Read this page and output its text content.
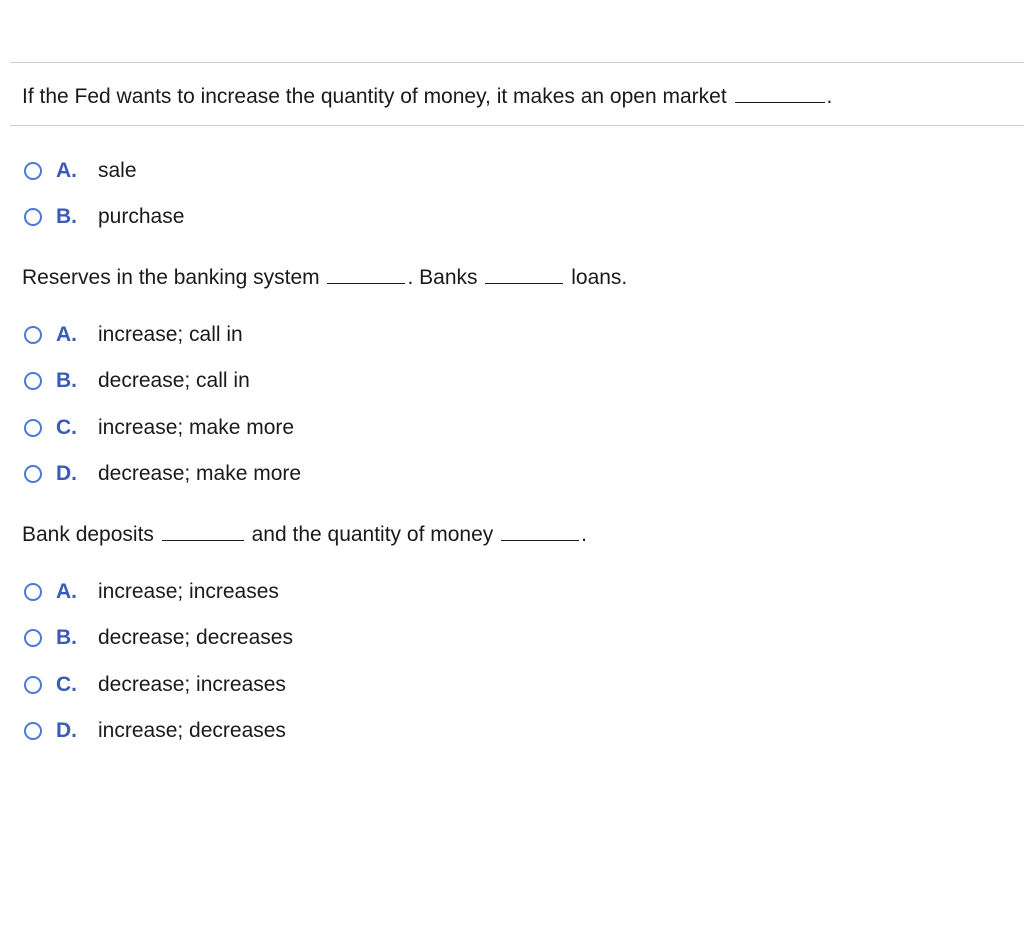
If the Fed wants to increase the quantity of money, it makes an open market	.
A.	sale
B.	purchase
Reserves in the banking system	. Banks	loans.
A.	increase; call in
B.	decrease; call in
C.	increase; make more
D.	decrease; make more
Bank deposits	and the quantity of money	.
A.	increase; increases
B.	decrease; decreases
C.	decrease; increases
D.	increase; decreases
